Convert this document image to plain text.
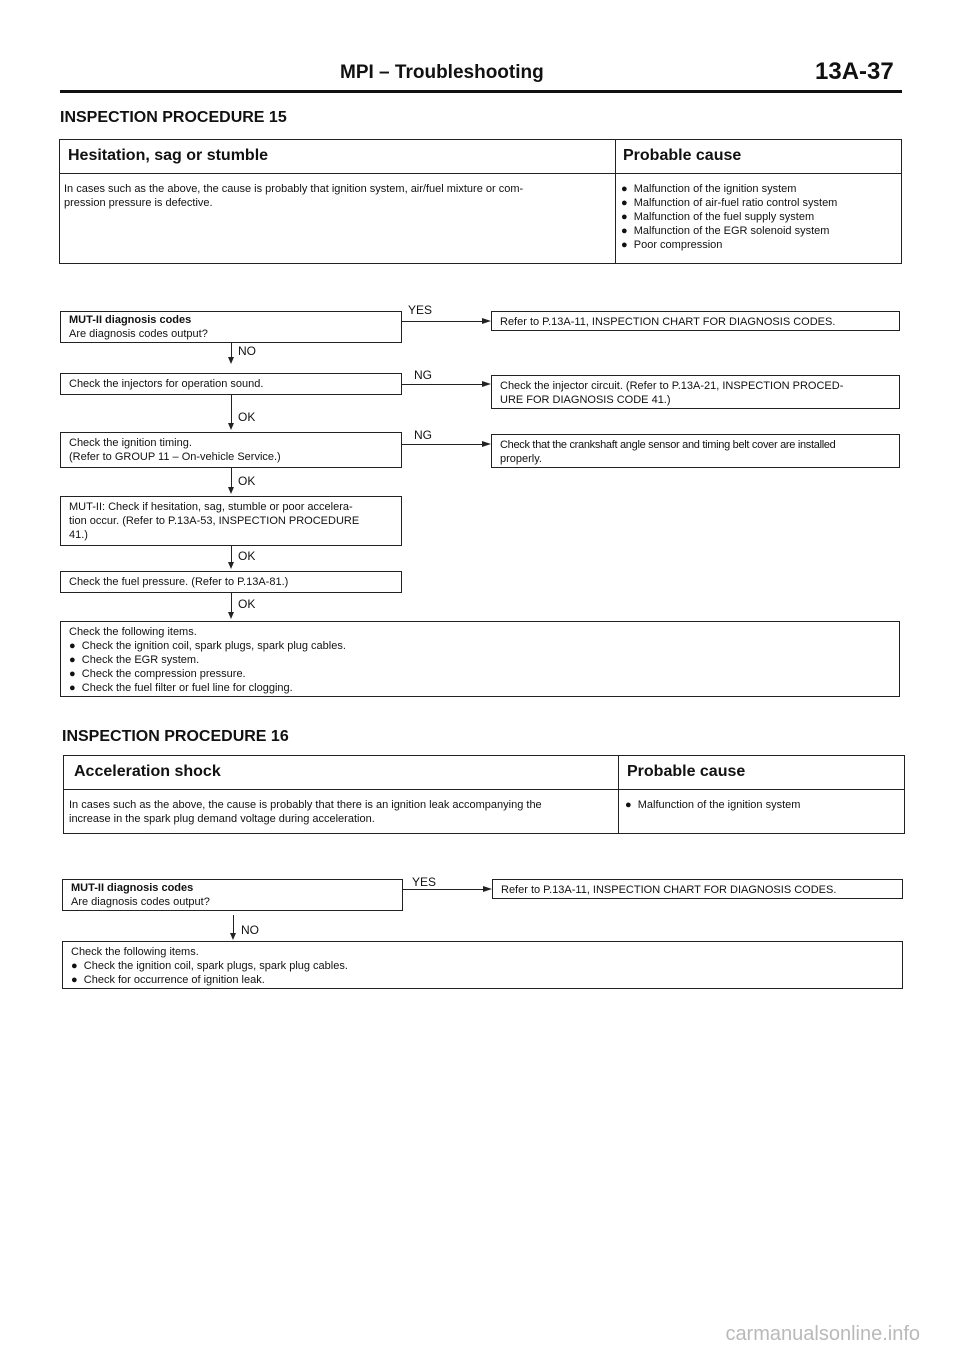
MPI – Troubleshooting	13A-37
INSPECTION PROCEDURE 15
Hesitation, sag or stumble	Probable cause
In cases such as the above, the cause is probably that ignition system, air/fuel mixture or com-
pression pressure is defective.
●  Malfunction of the ignition system
●  Malfunction of air-fuel ratio control system
●  Malfunction of the fuel supply system
●  Malfunction of the EGR solenoid system
●  Poor compression
MUT-II diagnosis codes
Are diagnosis codes output?
YES
Refer to P.13A-11, INSPECTION CHART FOR DIAGNOSIS CODES.
NO
Check the injectors for operation sound.
NG
Check the injector circuit. (Refer to P.13A-21, INSPECTION PROCED-
URE FOR DIAGNOSIS CODE 41.)
OK
Check the ignition timing.
(Refer to GROUP 11 – On-vehicle Service.)
NG
Check that the crankshaft angle sensor and timing belt cover are installed
properly.
OK
MUT-II: Check if hesitation, sag, stumble or poor accelera-
tion occur. (Refer to P.13A-53, INSPECTION PROCEDURE
41.)
OK
Check the fuel pressure. (Refer to P.13A-81.)
OK
Check the following items.
●  Check the ignition coil, spark plugs, spark plug cables.
●  Check the EGR system.
●  Check the compression pressure.
●  Check the fuel filter or fuel line for clogging.
INSPECTION PROCEDURE 16
Acceleration shock	Probable cause
In cases such as the above, the cause is probably that there is an ignition leak accompanying the
increase in the spark plug demand voltage during acceleration.
●  Malfunction of the ignition system
MUT-II diagnosis codes
Are diagnosis codes output?
YES
Refer to P.13A-11, INSPECTION CHART FOR DIAGNOSIS CODES.
NO
Check the following items.
●  Check the ignition coil, spark plugs, spark plug cables.
●  Check for occurrence of ignition leak.
carmanualsonline.info
